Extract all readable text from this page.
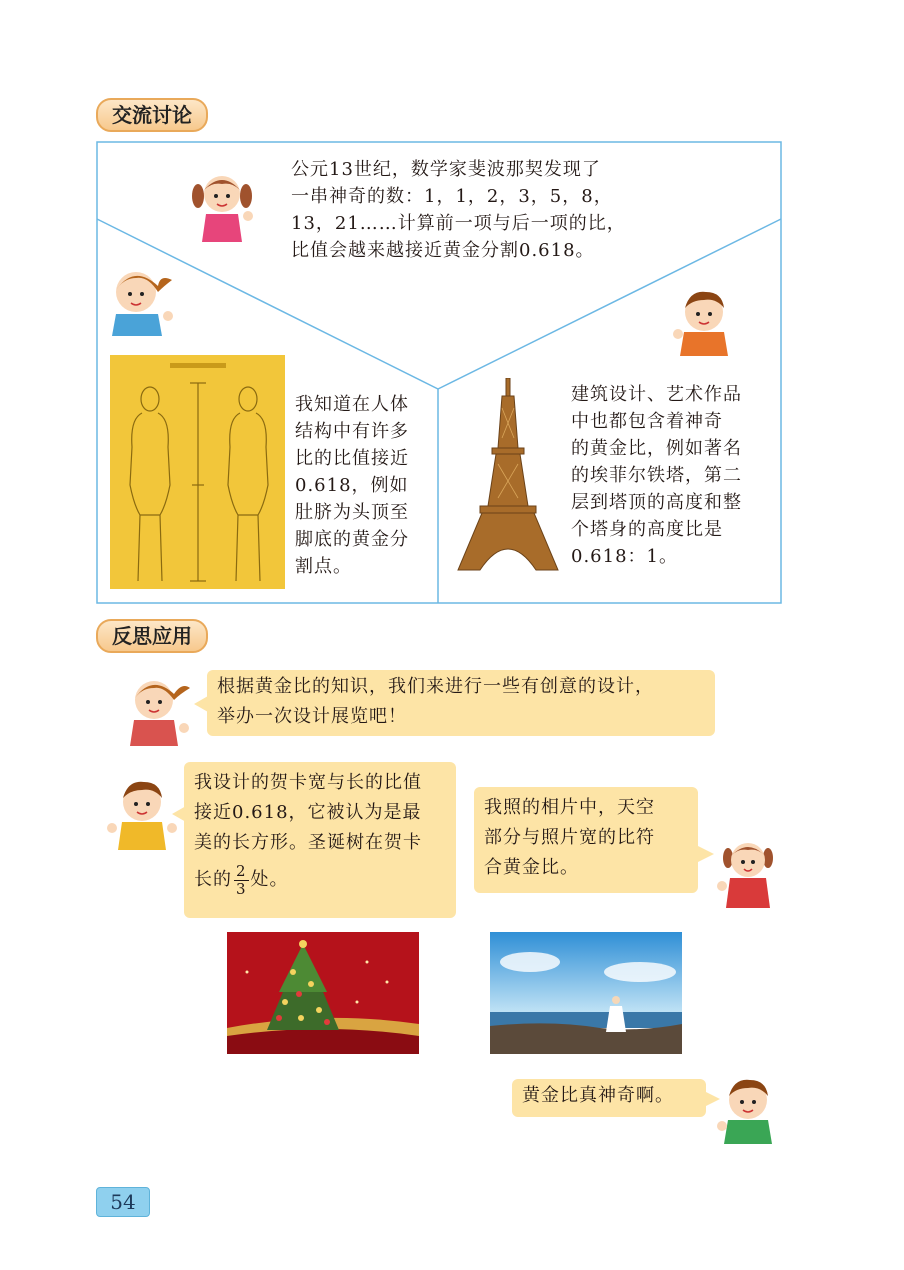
交流讨论

公元13世纪，数学家斐波那契发现了

一串神奇的数：1，1，2，3，5，8，

13，21……计算前一项与后一项的比，

比值会越来越接近黄金分割0.618。

我知道在人体

结构中有许多

比的比值接近

0.618，例如

肚脐为头顶至

脚底的黄金分

割点。

建筑设计、艺术作品

中也都包含着神奇

的黄金比，例如著名

的埃菲尔铁塔，第二

层到塔顶的高度和整

个塔身的高度比是

0.618：1。

反思应用

根据黄金比的知识，我们来进行一些有创意的设计，

举办一次设计展览吧！

我设计的贺卡宽与长的比值

接近0.618，它被认为是最

美的长方形。圣诞树在贺卡

长的 $\frac{2}{3}$ 处。

我照的相片中，天空

部分与照片宽的比符

合黄金比。

黄金比真神奇啊。

54
